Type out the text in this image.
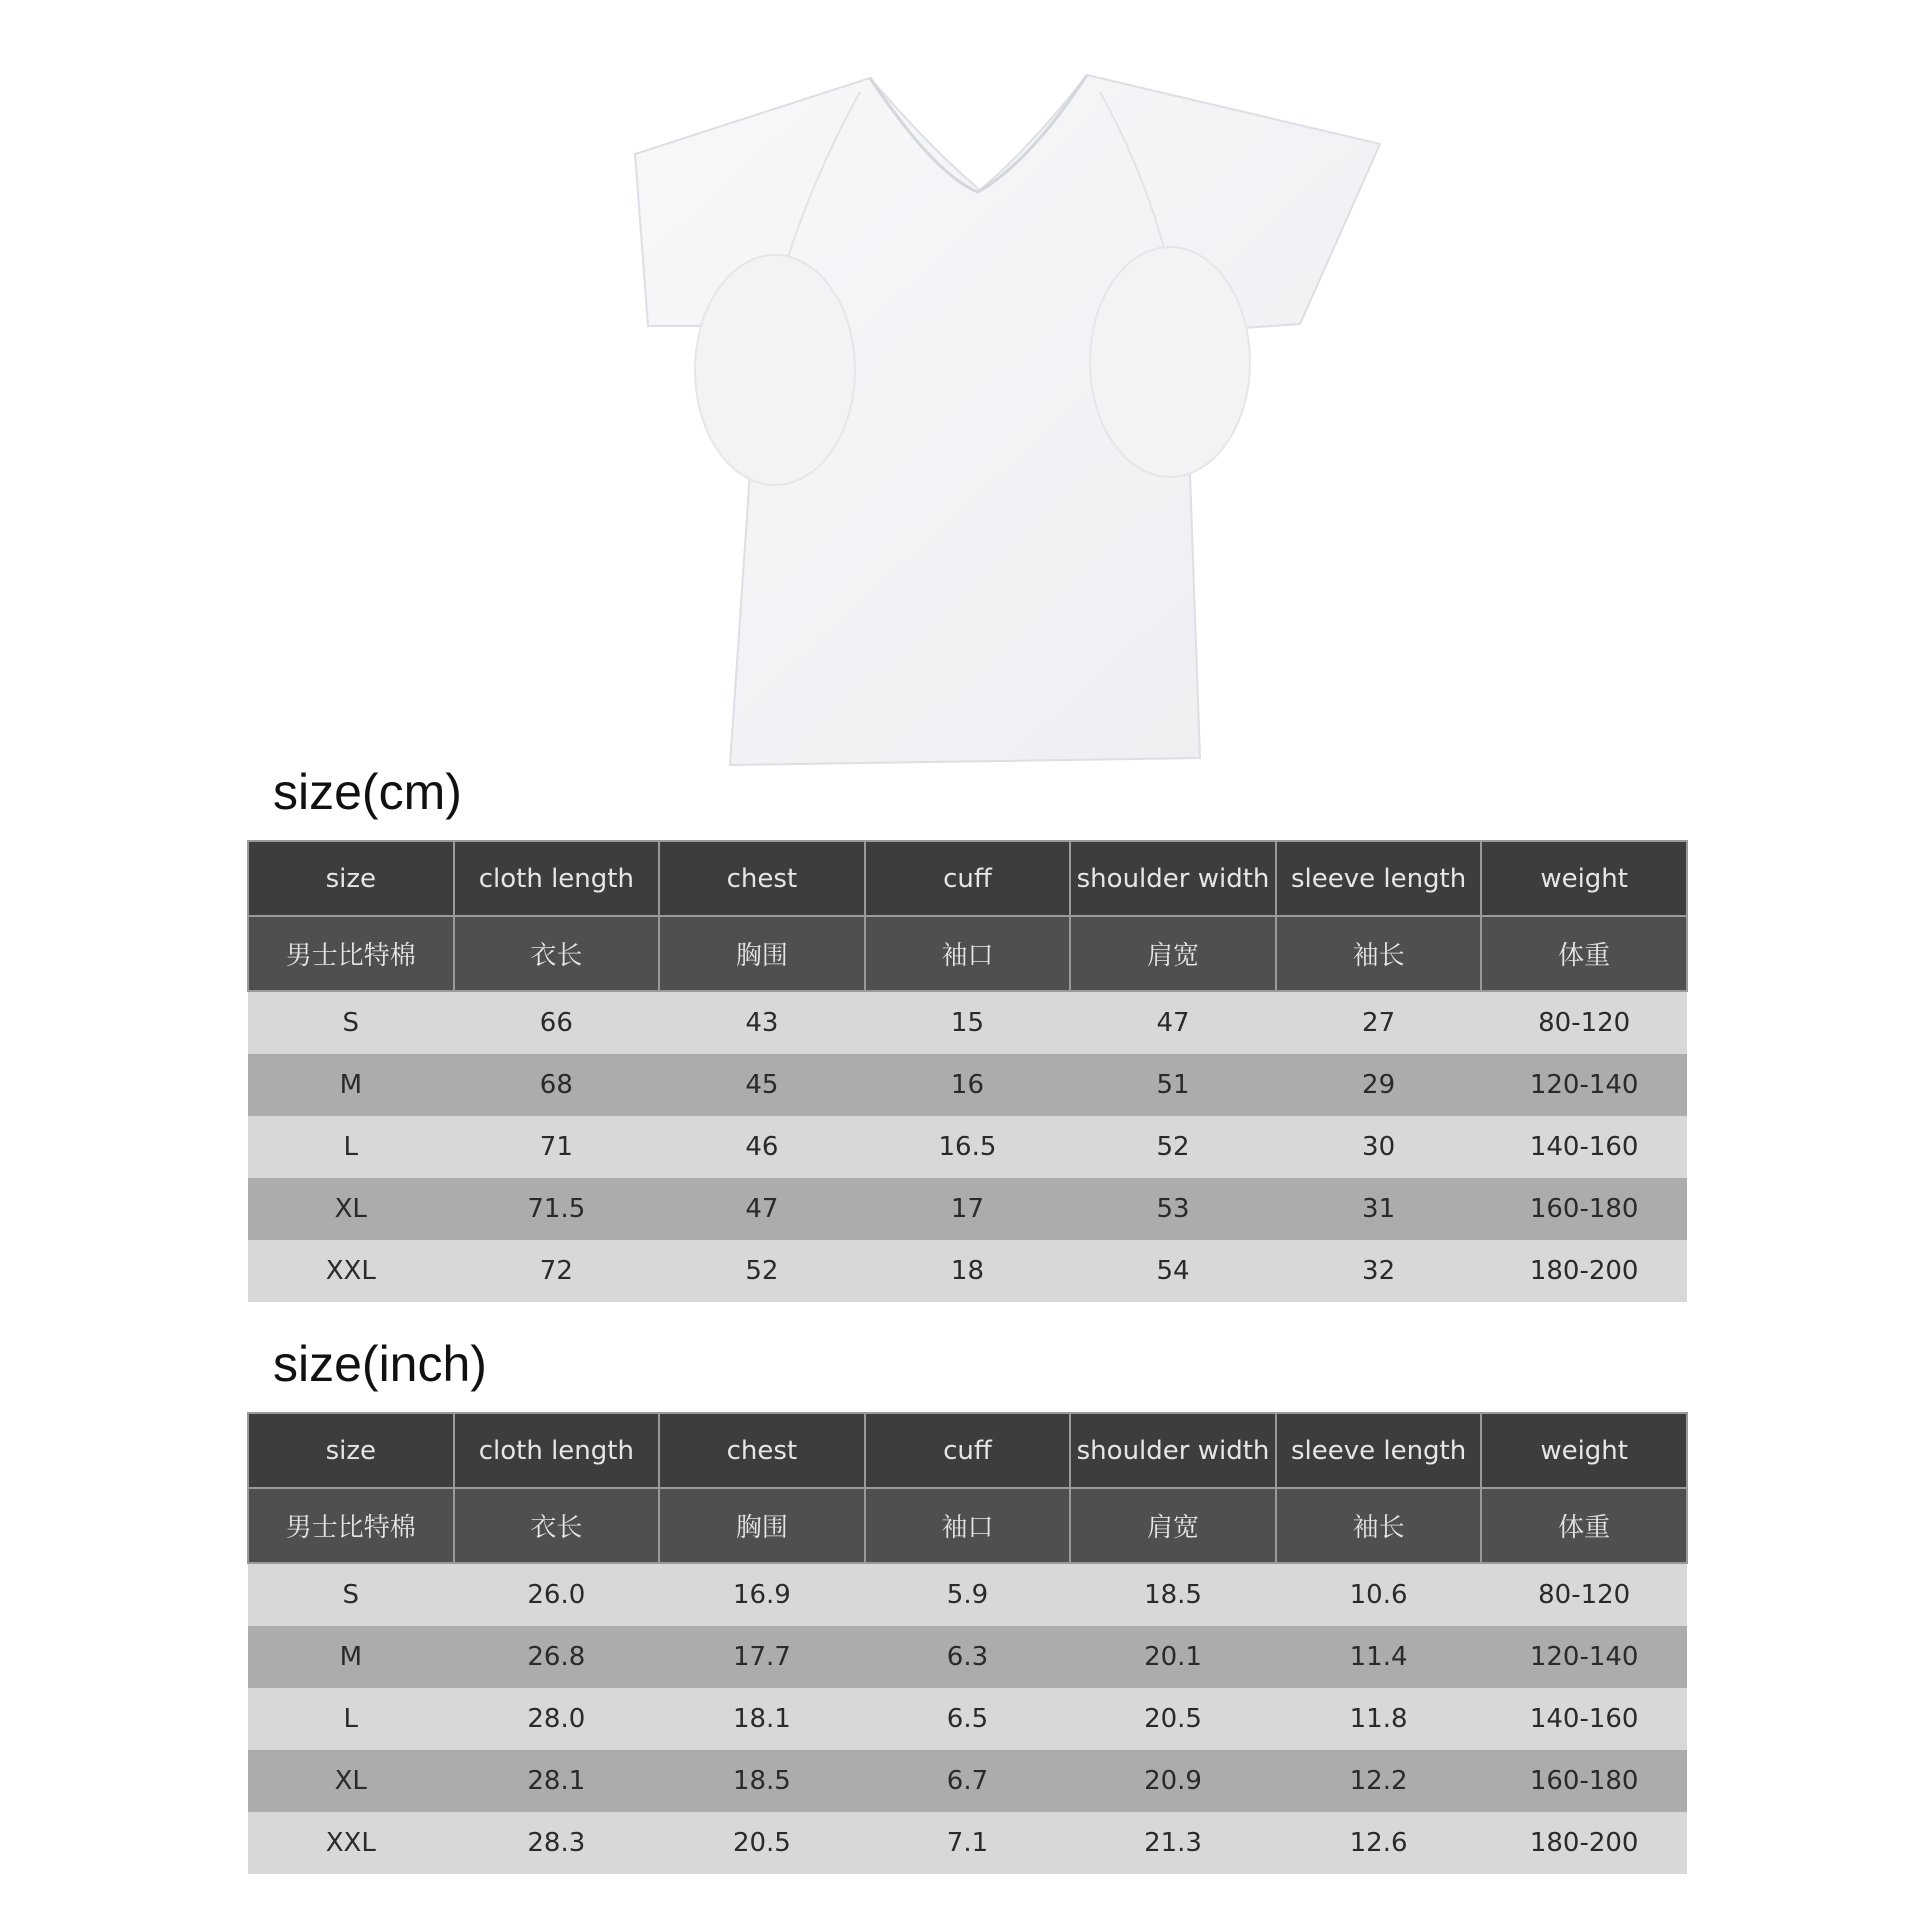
size(cm)
size	cloth length	chest	cuff	shoulder width	sleeve length	weight
男士比特棉	衣长	胸围	袖口	肩宽	袖长	体重
S	66	43	15	47	27	80-120
M	68	45	16	51	29	120-140
L	71	46	16.5	52	30	140-160
XL	71.5	47	17	53	31	160-180
XXL	72	52	18	54	32	180-200
size(inch)
size	cloth length	chest	cuff	shoulder width	sleeve length	weight
男士比特棉	衣长	胸围	袖口	肩宽	袖长	体重
S	26.0	16.9	5.9	18.5	10.6	80-120
M	26.8	17.7	6.3	20.1	11.4	120-140
L	28.0	18.1	6.5	20.5	11.8	140-160
XL	28.1	18.5	6.7	20.9	12.2	160-180
XXL	28.3	20.5	7.1	21.3	12.6	180-200
